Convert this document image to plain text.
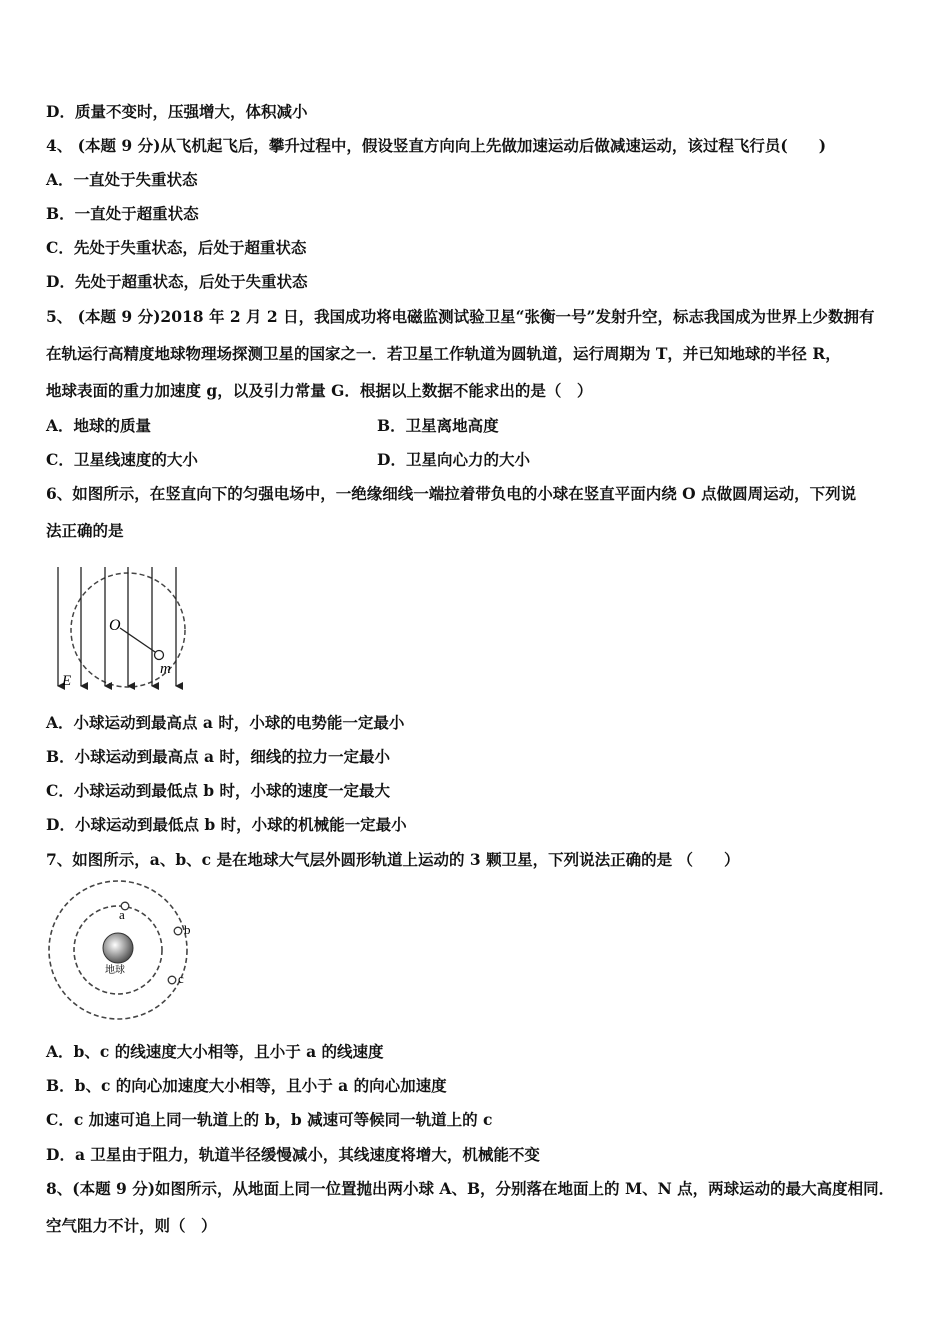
D．质量不变时，压强增大，体积减小
4、 (本题 9 分)从飞机起飞后，攀升过程中，假设竖直方向向上先做加速运动后做减速运动，该过程飞行员(　　)
A．一直处于失重状态
B．一直处于超重状态
C．先处于失重状态，后处于超重状态
D．先处于超重状态，后处于失重状态
5、 (本题 9 分)2018 年 2 月 2 日，我国成功将电磁监测试验卫星“张衡一号”发射升空，标志我国成为世界上少数拥有
在轨运行高精度地球物理场探测卫星的国家之一．若卫星工作轨道为圆轨道，运行周期为 T，并已知地球的半径 R，
地球表面的重力加速度 g，以及引力常量 G．根据以上数据不能求出的是（　）
A．地球的质量	B．卫星离地高度
C．卫星线速度的大小	D．卫星向心力的大小
6、如图所示，在竖直向下的匀强电场中，一绝缘细线一端拉着带负电的小球在竖直平面内绕 O 点做圆周运动，下列说
法正确的是
O
m
E
A．小球运动到最高点 a 时，小球的电势能一定最小
B．小球运动到最高点 a 时，细线的拉力一定最小
C．小球运动到最低点 b 时，小球的速度一定最大
D．小球运动到最低点 b 时，小球的机械能一定最小
7、如图所示，a、b、c 是在地球大气层外圆形轨道上运动的 3 颗卫星，下列说法正确的是 （　　）
地球
a
b
c
A．b、c 的线速度大小相等，且小于 a 的线速度
B．b、c 的向心加速度大小相等，且小于 a 的向心加速度
C．c 加速可追上同一轨道上的 b，b 减速可等候同一轨道上的 c
D．a 卫星由于阻力，轨道半径缓慢减小，其线速度将增大，机械能不变
8、(本题 9 分)如图所示，从地面上同一位置抛出两小球 A、B，分别落在地面上的 M、N 点，两球运动的最大高度相同．
空气阻力不计，则（　）
